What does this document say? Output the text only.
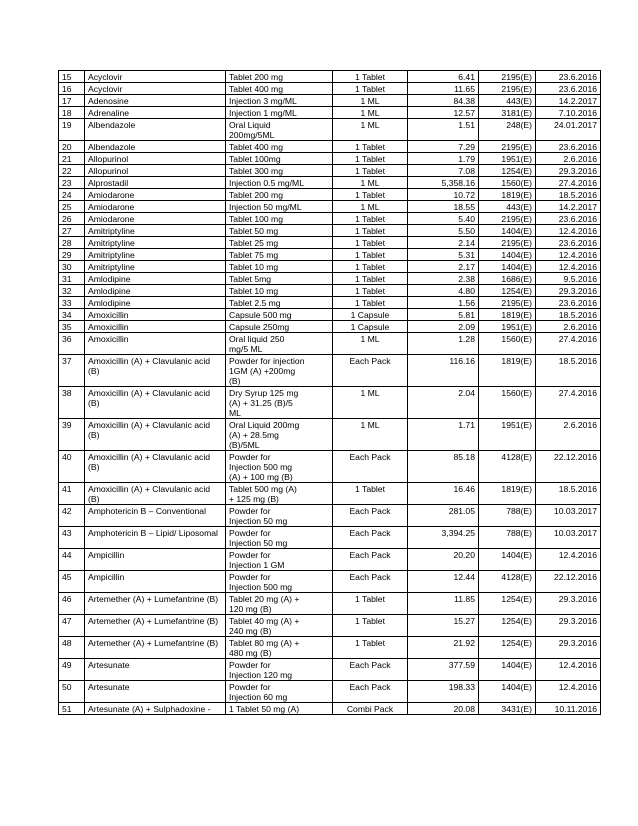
15	Acyclovir	Tablet 200 mg	1 Tablet	6.41	2195(E)	23.6.2016

16	Acyclovir	Tablet 400 mg	1 Tablet	11.65	2195(E)	23.6.2016

17	Adenosine	Injection 3 mg/ML	1 ML	84.38	443(E)	14.2.2017

18	Adrenaline	Injection 1 mg/ML	1 ML	12.57	3181(E)	7.10.2016

19	Albendazole	Oral Liquid
200mg/5ML	1 ML	1.51	248(E)	24.01.2017

20	Albendazole	Tablet 400 mg	1 Tablet	7.29	2195(E)	23.6.2016

21	Allopurinol	Tablet 100mg	1 Tablet	1.79	1951(E)	2.6.2016

22	Allopurinol	Tablet 300 mg	1 Tablet	7.08	1254(E)	29.3.2016

23	Alprostadil	Injection 0.5 mg/ML	1 ML	5,358.16	1560(E)	27.4.2016

24	Amiodarone	Tablet 200 mg	1 Tablet	10.72	1819(E)	18.5.2016

25	Amiodarone	Injection 50 mg/ML	1 ML	18.55	443(E)	14.2.2017

26	Amiodarone	Tablet 100 mg	1 Tablet	5.40	2195(E)	23.6.2016

27	Amitriptyline	Tablet 50 mg	1 Tablet	5.50	1404(E)	12.4.2016

28	Amitriptyline	Tablet 25 mg	1 Tablet	2.14	2195(E)	23.6.2016

29	Amitriptyline	Tablet 75 mg	1 Tablet	5.31	1404(E)	12.4.2016

30	Amitriptyline	Tablet 10 mg	1 Tablet	2.17	1404(E)	12.4.2016

31	Amlodipine	Tablet 5mg	1 Tablet	2.38	1686(E)	9.5.2016

32	Amlodipine	Tablet 10 mg	1 Tablet	4.80	1254(E)	29.3.2016

33	Amlodipine	Tablet 2.5 mg	1 Tablet	1.56	2195(E)	23.6.2016

34	Amoxicillin	Capsule 500 mg	1 Capsule	5.81	1819(E)	18.5.2016

35	Amoxicillin	Capsule 250mg	1 Capsule	2.09	1951(E)	2.6.2016

36	Amoxicillin	Oral liquid 250
mg/5 ML	1 ML	1.28	1560(E)	27.4.2016

37	Amoxicillin (A) + Clavulanic acid
(B)	Powder for injection
1GM (A) +200mg
(B)	Each Pack	116.16	1819(E)	18.5.2016

38	Amoxicillin (A) + Clavulanic acid
(B)	Dry Syrup 125 mg
(A) + 31.25 (B)/5
ML	1 ML	2.04	1560(E)	27.4.2016

39	Amoxicillin (A) + Clavulanic acid
(B)	Oral Liquid 200mg
(A) + 28.5mg
(B)/5ML	1 ML	1.71	1951(E)	2.6.2016

40	Amoxicillin (A) + Clavulanic acid
(B)	Powder for
Injection 500 mg
(A) + 100 mg (B)	Each Pack	85.18	4128(E)	22.12.2016

41	Amoxicillin (A) + Clavulanic acid
(B)	Tablet 500 mg (A)
+ 125 mg (B)	1 Tablet	16.46	1819(E)	18.5.2016

42	Amphotericin B – Conventional	Powder for
Injection 50 mg	Each Pack	281.05	788(E)	10.03.2017

43	Amphotericin B – Lipid/ Liposomal	Powder for
Injection 50 mg	Each Pack	3,394.25	788(E)	10.03.2017

44	Ampicillin	Powder for
Injection 1 GM	Each Pack	20.20	1404(E)	12.4.2016

45	Ampicillin	Powder for
Injection 500 mg	Each Pack	12.44	4128(E)	22.12.2016

46	Artemether (A) + Lumefantrine (B)	Tablet 20 mg (A) +
120 mg (B)	1 Tablet	11.85	1254(E)	29.3.2016

47	Artemether (A) + Lumefantrine (B)	Tablet 40 mg (A) +
240 mg (B)	1 Tablet	15.27	1254(E)	29.3.2016

48	Artemether (A) + Lumefantrine (B)	Tablet 80 mg (A) +
480 mg (B)	1 Tablet	21.92	1254(E)	29.3.2016

49	Artesunate	Powder for
Injection 120 mg	Each Pack	377.59	1404(E)	12.4.2016

50	Artesunate	Powder for
Injection 60 mg	Each Pack	198.33	1404(E)	12.4.2016

51	Artesunate (A) + Sulphadoxine -	1 Tablet 50 mg (A)	Combi Pack	20.08	3431(E)	10.11.2016
